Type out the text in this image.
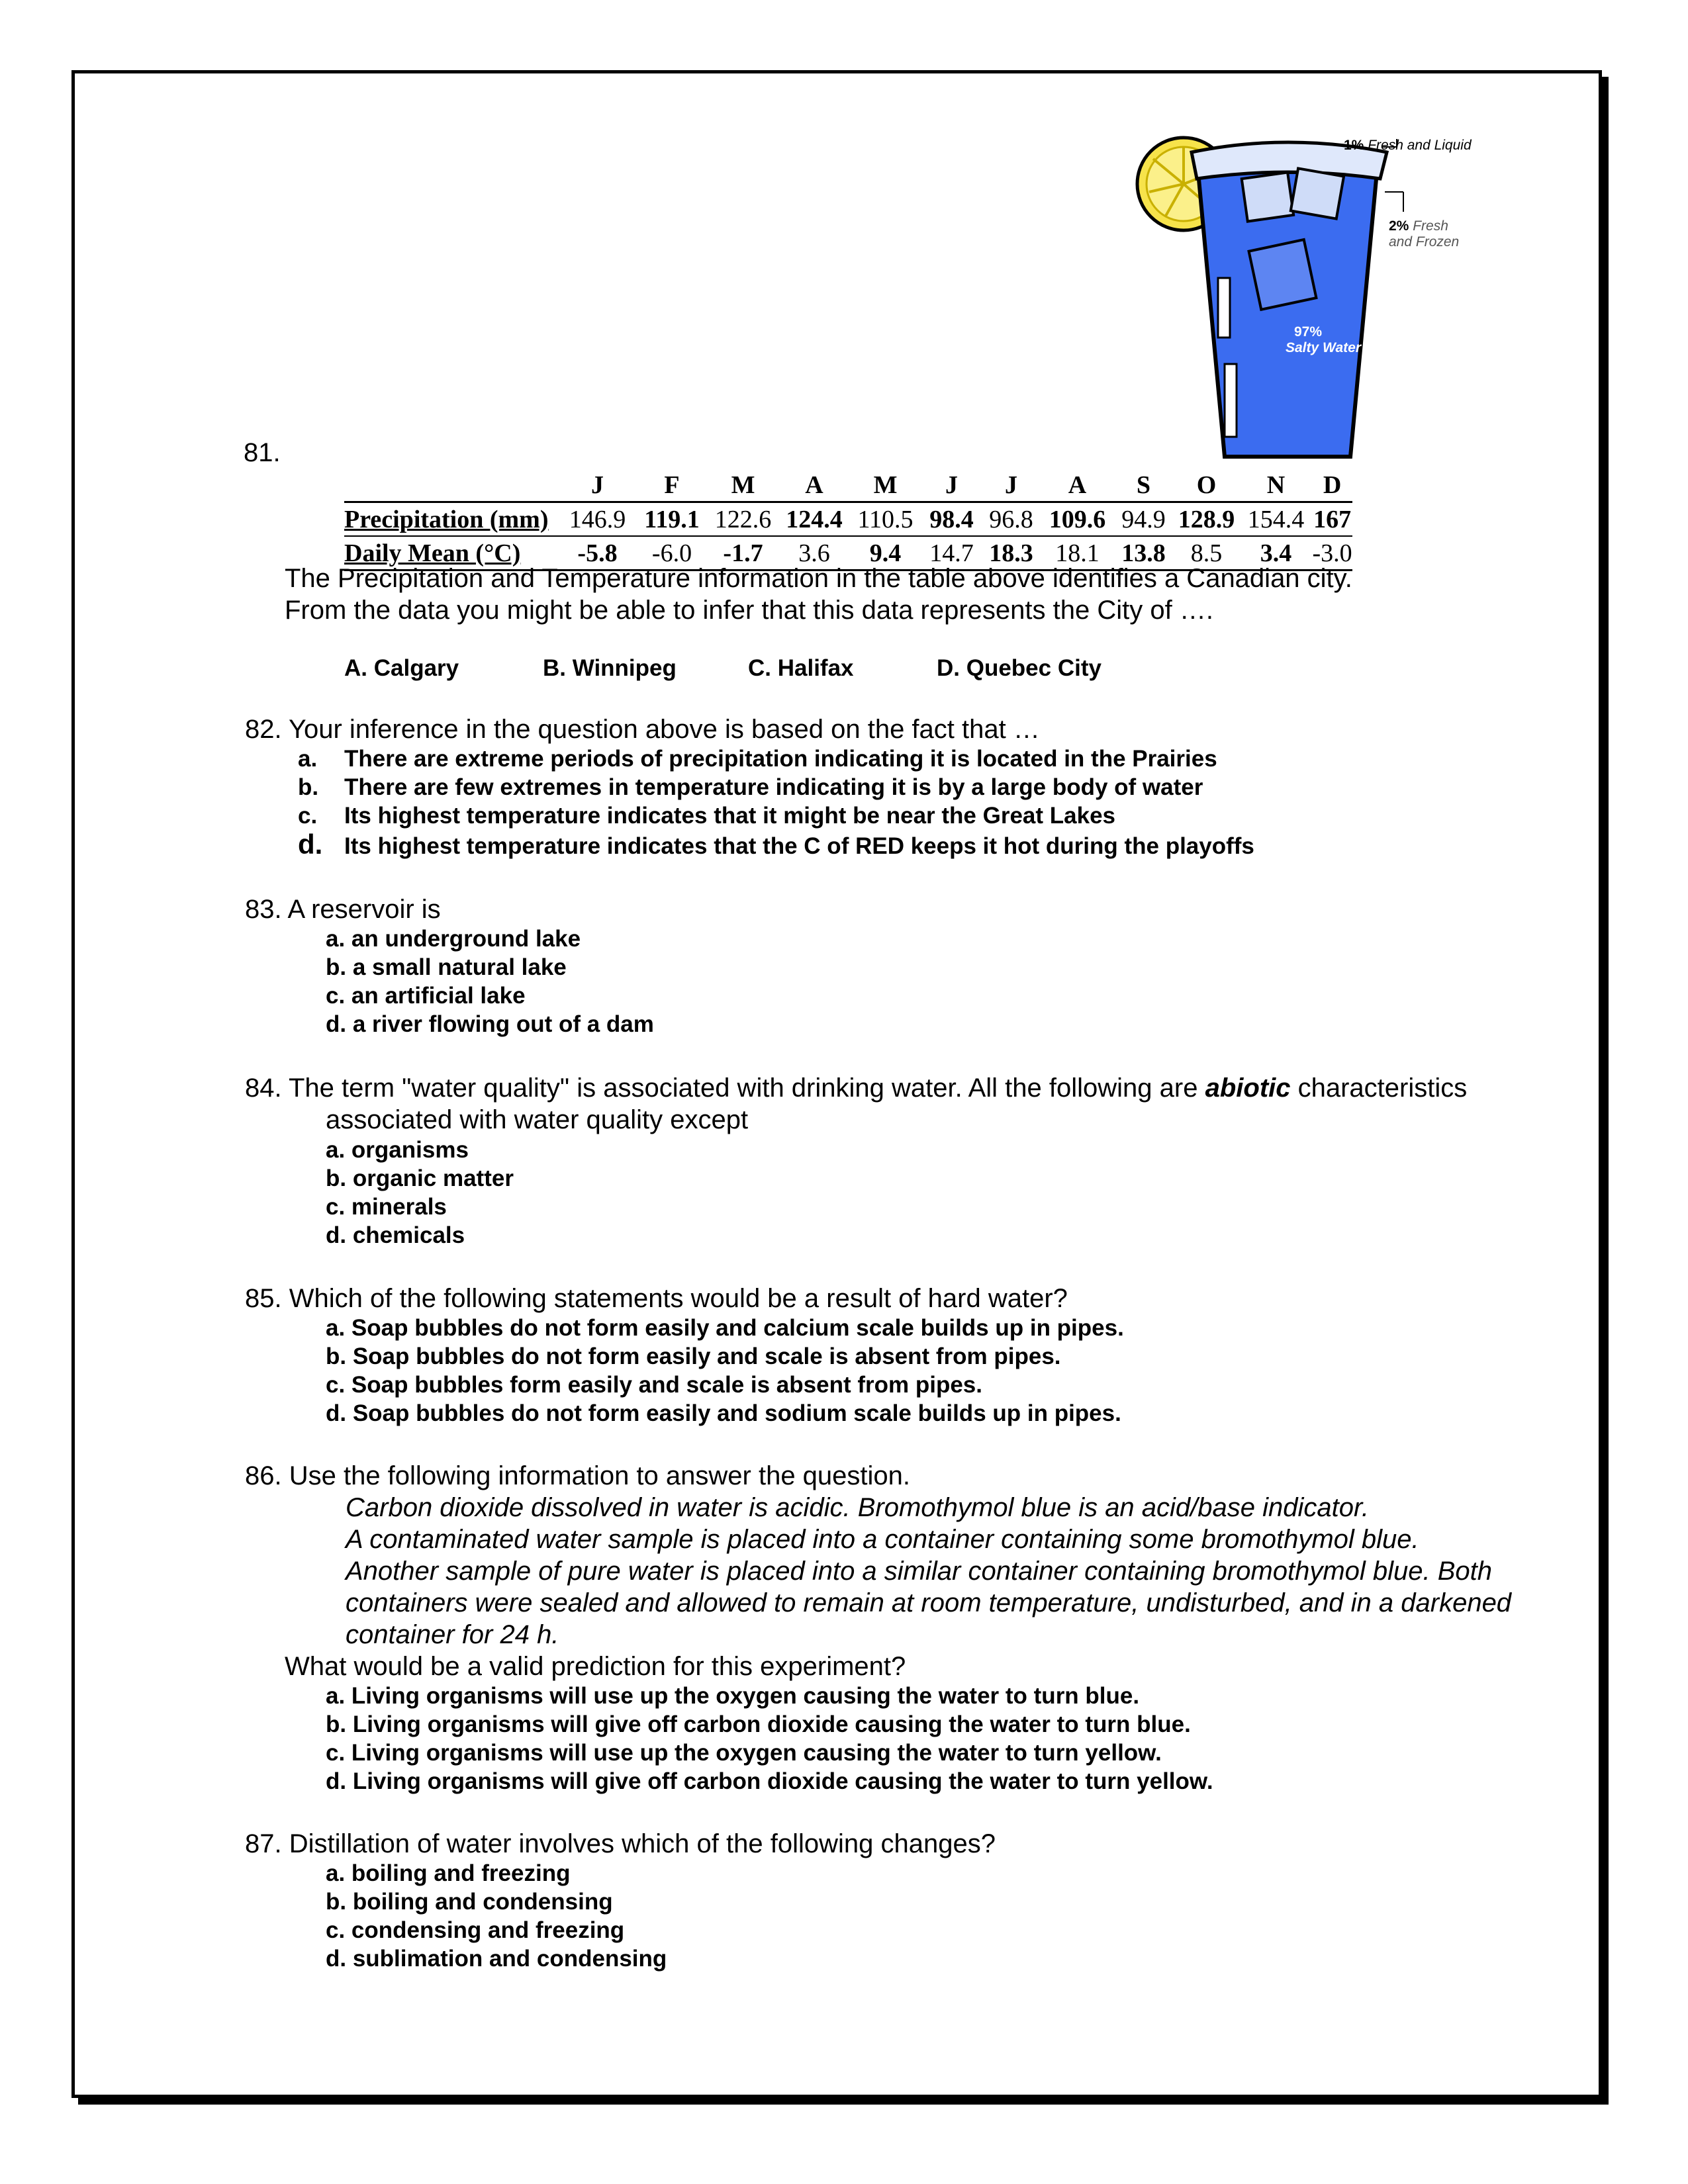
1% Fresh and Liquid
2% Fresh
and Frozen
97%
Salty Water
81.
	J	F	M	A	M	J	J	A	S	O	N	D
Precipitation (mm)	146.9	119.1	122.6	124.4	110.5	98.4	96.8	109.6	94.9	128.9	154.4	167
Daily Mean (°C)	-5.8	-6.0	-1.7	3.6	9.4	14.7	18.3	18.1	13.8	8.5	3.4	-3.0
The Precipitation and Temperature information in the table above identifies a Canadian city.
From the data you might be able to infer that this data represents the City of ….
A. Calgary	B. Winnipeg	C. Halifax	D. Quebec City
82. Your inference in the question above is based on the fact that …
a. There are extreme periods of precipitation indicating it is located in the Prairies
b. There are few extremes in temperature indicating it is by a large body of water
c. Its highest temperature indicates that it might be near the Great Lakes
d. Its highest temperature indicates that the C of RED keeps it hot during the playoffs
83. A reservoir is
a. an underground lake
b. a small natural lake
c. an artificial lake
d. a river flowing out of a dam
84. The term "water quality" is associated with drinking water. All the following are abiotic characteristics
associated with water quality except
a. organisms
b. organic matter
c. minerals
d. chemicals
85. Which of the following statements would be a result of hard water?
a. Soap bubbles do not form easily and calcium scale builds up in pipes.
b. Soap bubbles do not form easily and scale is absent from pipes.
c. Soap bubbles form easily and scale is absent from pipes.
d. Soap bubbles do not form easily and sodium scale builds up in pipes.
86. Use the following information to answer the question.
Carbon dioxide dissolved in water is acidic. Bromothymol blue is an acid/base indicator.
A contaminated water sample is placed into a container containing some bromothymol blue.
Another sample of pure water is placed into a similar container containing bromothymol blue. Both containers were sealed and allowed to remain at room temperature, undisturbed, and in a darkened container for 24 h.
What would be a valid prediction for this experiment?
a. Living organisms will use up the oxygen causing the water to turn blue.
b. Living organisms will give off carbon dioxide causing the water to turn blue.
c. Living organisms will use up the oxygen causing the water to turn yellow.
d. Living organisms will give off carbon dioxide causing the water to turn yellow.
87. Distillation of water involves which of the following changes?
a. boiling and freezing
b. boiling and condensing
c. condensing and freezing
d. sublimation and condensing
